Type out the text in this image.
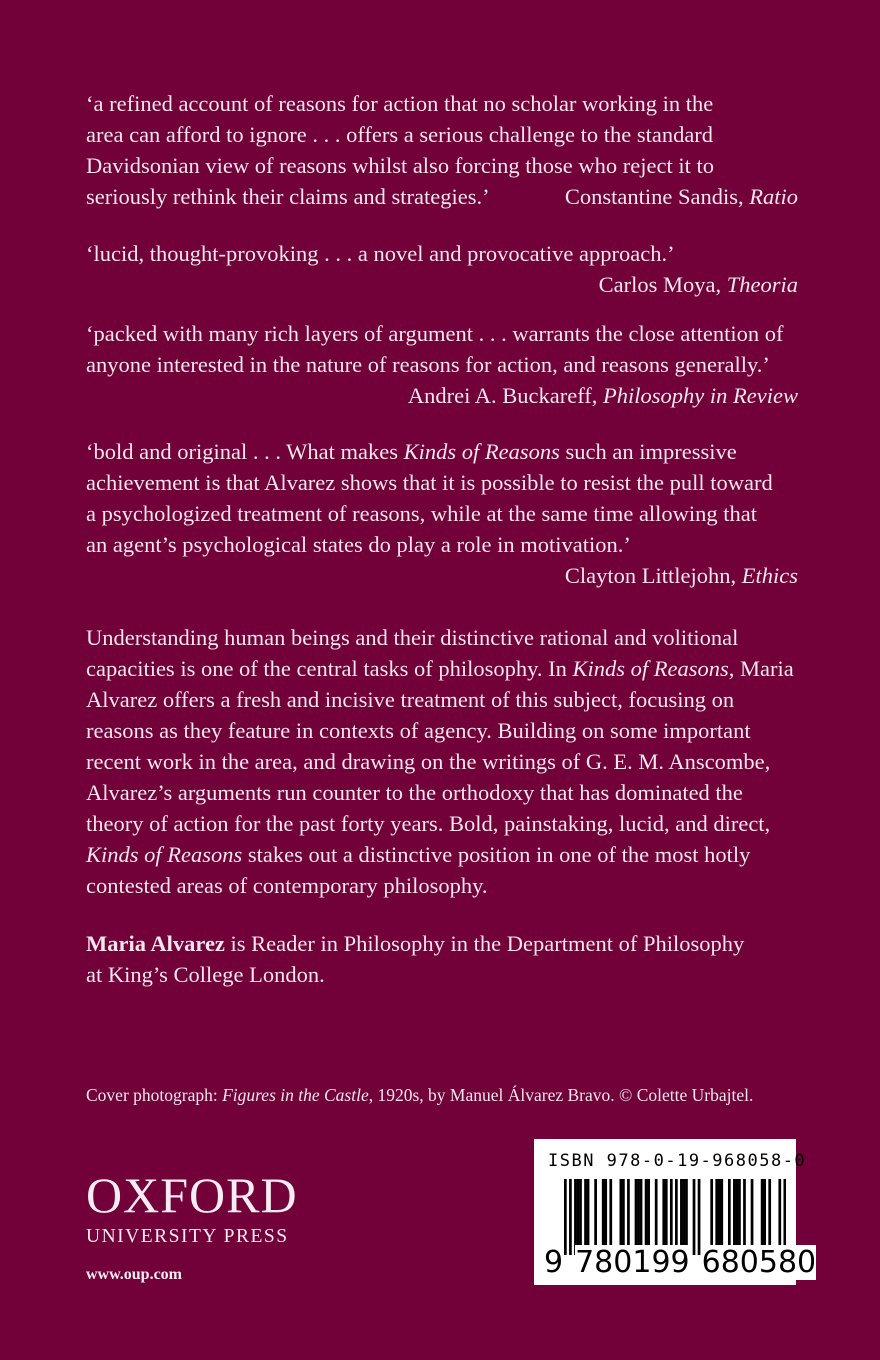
‘a refined account of reasons for action that no scholar working in the
area can afford to ignore . . . offers a serious challenge to the standard
Davidsonian view of reasons whilst also forcing those who reject it to
seriously rethink their claims and strategies.’	Constantine Sandis, Ratio
‘lucid, thought-provoking . . . a novel and provocative approach.’
Carlos Moya, Theoria
‘packed with many rich layers of argument . . . warrants the close attention of
anyone interested in the nature of reasons for action, and reasons generally.’
Andrei A. Buckareff, Philosophy in Review
‘bold and original . . . What makes Kinds of Reasons such an impressive
achievement is that Alvarez shows that it is possible to resist the pull toward
a psychologized treatment of reasons, while at the same time allowing that
an agent’s psychological states do play a role in motivation.’
Clayton Littlejohn, Ethics
Understanding human beings and their distinctive rational and volitional
capacities is one of the central tasks of philosophy. In Kinds of Reasons, Maria
Alvarez offers a fresh and incisive treatment of this subject, focusing on
reasons as they feature in contexts of agency. Building on some important
recent work in the area, and drawing on the writings of G. E. M. Anscombe,
Alvarez’s arguments run counter to the orthodoxy that has dominated the
theory of action for the past forty years. Bold, painstaking, lucid, and direct,
Kinds of Reasons stakes out a distinctive position in one of the most hotly
contested areas of contemporary philosophy.
Maria Alvarez is Reader in Philosophy in the Department of Philosophy
at King’s College London.
Cover photograph: Figures in the Castle, 1920s, by Manuel Álvarez Bravo. © Colette Urbajtel.
OXFORD
UNIVERSITY PRESS
www.oup.com
ISBN 978-0-19-968058-0
9 780199 680580
